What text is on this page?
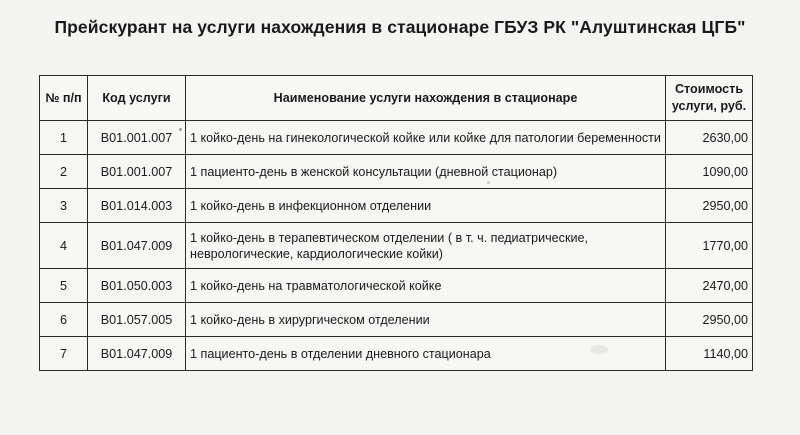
Прейскурант на услуги нахождения в стационаре ГБУЗ РК "Алуштинская ЦГБ"
№ п/п	Код услуги	Наименование услуги нахождения в стационаре	Стоимость услуги, руб.
1	B01.001.007	1 койко-день на гинекологической койке или койке для патологии беременности	2630,00
2	B01.001.007	1 пациенто-день в женской консультации (дневной стационар)	1090,00
3	B01.014.003	1 койко-день в инфекционном отделении	2950,00
4	B01.047.009	1 койко-день в терапевтическом отделении ( в т. ч. педиатрические, неврологические, кардиологические койки)	1770,00
5	B01.050.003	1 койко-день на травматологической койке	2470,00
6	B01.057.005	1 койко-день в хирургическом отделении	2950,00
7	B01.047.009	1 пациенто-день в отделении дневного стационара	1140,00
